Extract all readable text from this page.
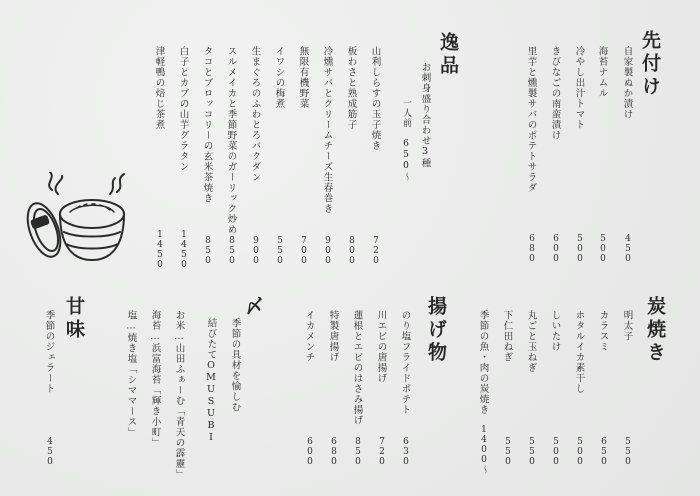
先付け
自家製ぬか漬け
海苔ナムル
冷やし出汁トマト
きびなごの南蛮漬け
里芋と燻製サバのポテトサラダ
450
500
500
600
680
逸品
お刺身盛り合わせ3種
一人前 650〜
山利しらすの玉子焼き
板わさと熟成筋子
冷燻サバとクリームチーズ生春巻き
無限有機野菜
イワシの梅煮
生まぐろのふわとろバクダン
スルメイカと季節野菜のガーリック炒め
タコとブロッコリーの玄米茶焼き
白子とカブの山芋グラタン
津軽鴨の焙じ茶煮
720
800
900
700
550
900
850
850
1450
1450
炭焼き
明太子
カラスミ
ホタルイカ素干し
しいたけ
丸ごと玉ねぎ
下仁田ねぎ
季節の魚・肉の炭焼き
550
650
500
500
550
550
1400〜
揚げ物
のり塩フライドポテト
川エビの唐揚げ
蓮根とエビのはさみ揚げ
特製唐揚げ
イカメンチ
630
720
850
680
600
〆
季節の具材を愉しむ
結びたてOMUSUBI
お米…山田ふぁーむ「青天の霹靂」
海苔…浜富海苔「輝き小町」
塩…焼き塩「シママース」
甘味
季節のジェラート
450
